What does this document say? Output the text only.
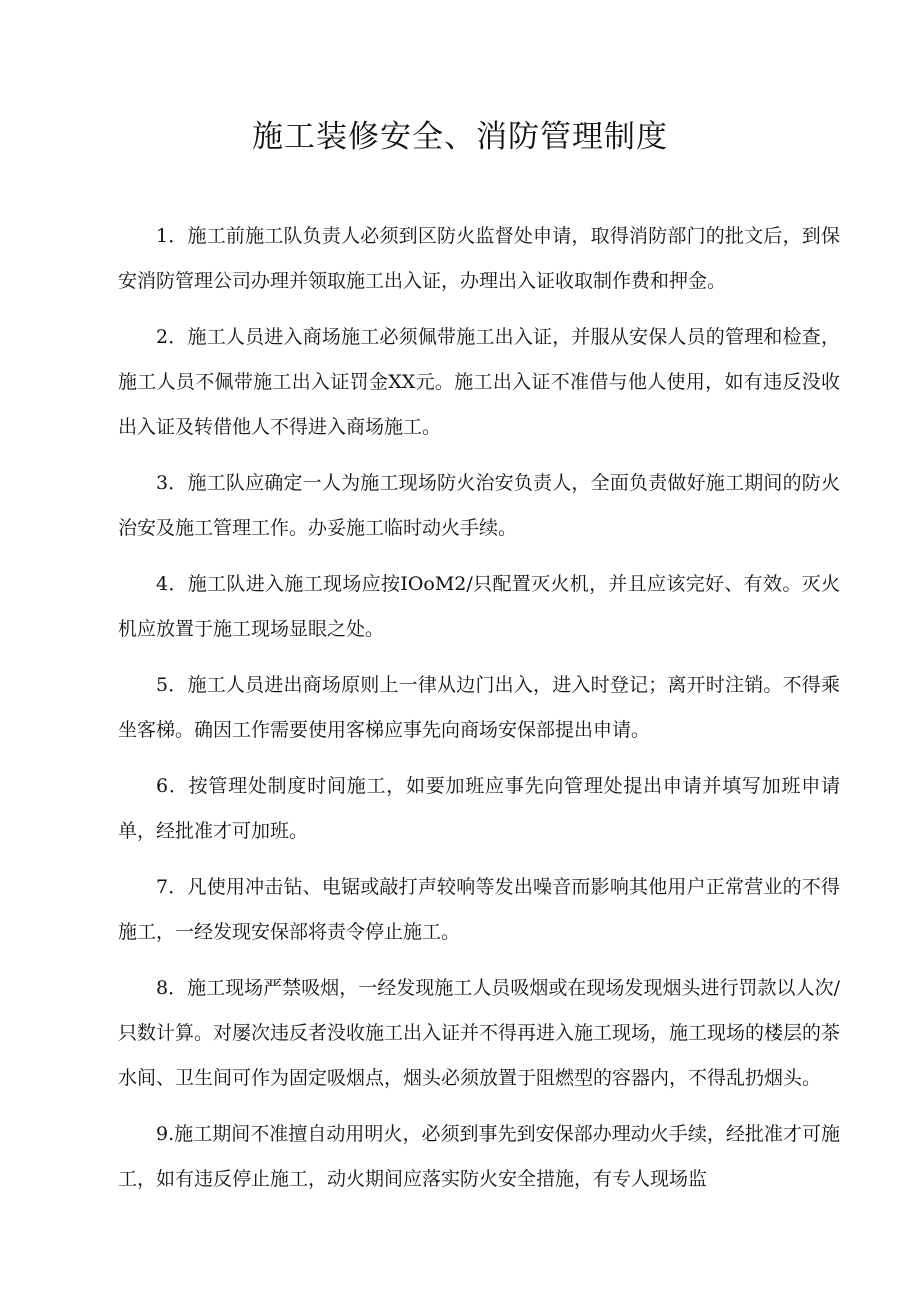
施工装修安全、消防管理制度

1．施工前施工队负责人必须到区防火监督处申请，取得消防部门的批文后，到保安消防管理公司办理并领取施工出入证，办理出入证收取制作费和押金。

2．施工人员进入商场施工必须佩带施工出入证，并服从安保人员的管理和检查，施工人员不佩带施工出入证罚金XX元。施工出入证不准借与他人使用，如有违反没收出入证及转借他人不得进入商场施工。

3．施工队应确定一人为施工现场防火治安负责人，全面负责做好施工期间的防火治安及施工管理工作。办妥施工临时动火手续。

4．施工队进入施工现场应按IOoM2/只配置灭火机，并且应该完好、有效。灭火机应放置于施工现场显眼之处。

5．施工人员进出商场原则上一律从边门出入，进入时登记；离开时注销。不得乘坐客梯。确因工作需要使用客梯应事先向商场安保部提出申请。

6．按管理处制度时间施工，如要加班应事先向管理处提出申请并填写加班申请单，经批准才可加班。

7．凡使用冲击钻、电锯或敲打声较响等发出噪音而影响其他用户正常营业的不得施工，一经发现安保部将责令停止施工。

8．施工现场严禁吸烟，一经发现施工人员吸烟或在现场发现烟头进行罚款以人次/只数计算。对屡次违反者没收施工出入证并不得再进入施工现场，施工现场的楼层的茶水间、卫生间可作为固定吸烟点，烟头必须放置于阻燃型的容器内，不得乱扔烟头。

9.施工期间不准擅自动用明火，必须到事先到安保部办理动火手续，经批准才可施工，如有违反停止施工，动火期间应落实防火安全措施，有专人现场监
